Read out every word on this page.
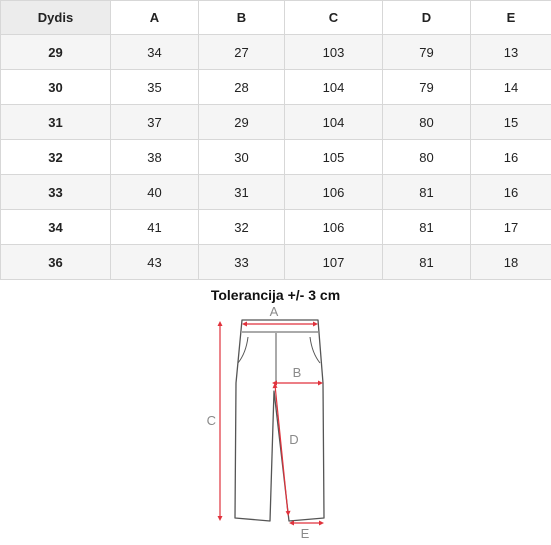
Dydis	A	B	C	D	E
29	34	27	103	79	13
30	35	28	104	79	14
31	37	29	104	80	15
32	38	30	105	80	16
33	40	31	106	81	16
34	41	32	106	81	17
36	43	33	107	81	18
Tolerancija +/- 3 cm
A
B
C
D
E
